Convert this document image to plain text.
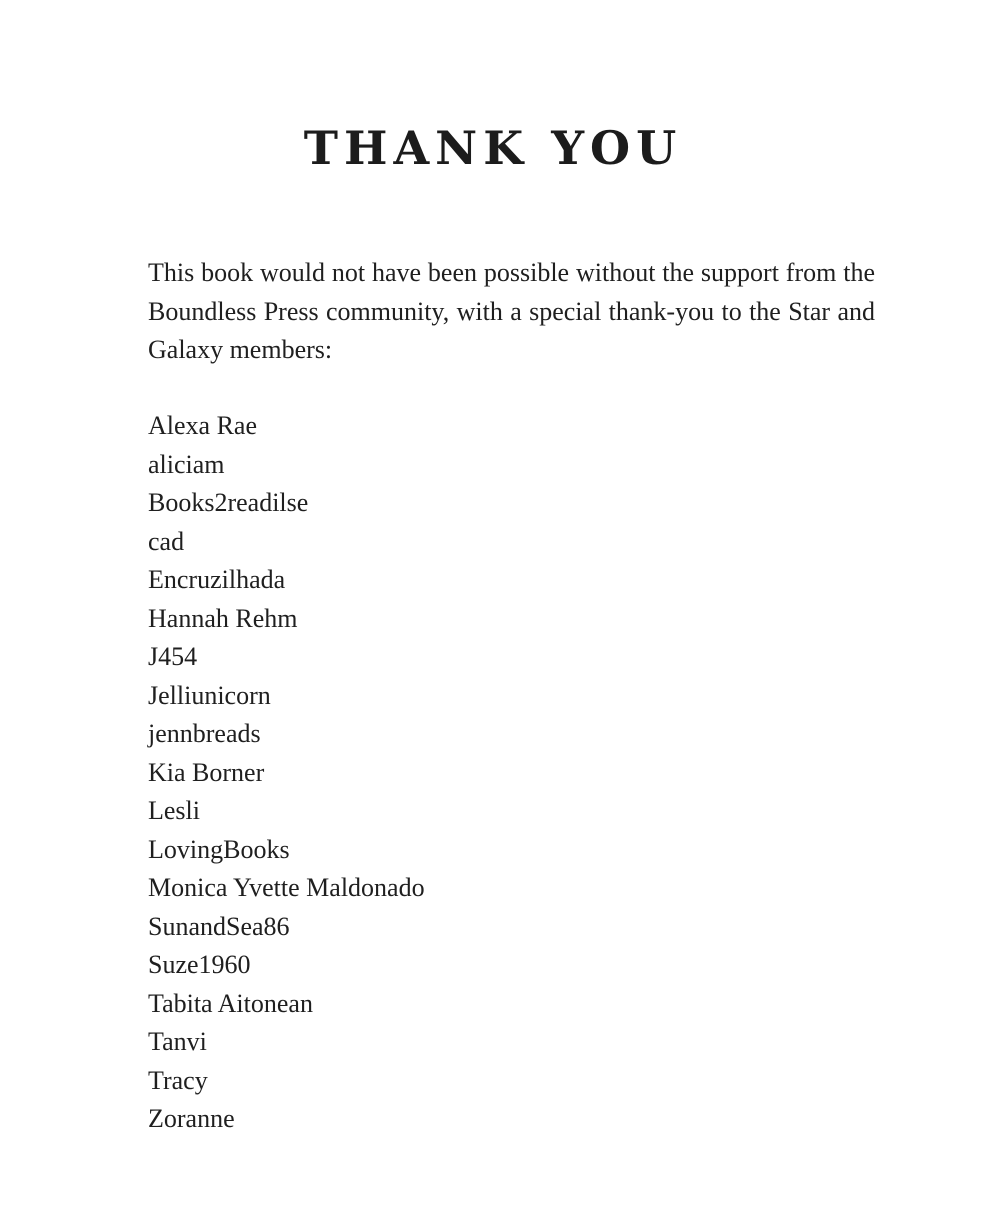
THANK YOU

This book would not have been possible without the support from the Boundless Press community, with a special thank-you to the Star and Galaxy members:

Alexa Rae
aliciam
Books2readilse
cad
Encruzilhada
Hannah Rehm
J454
Jelliunicorn
jennbreads
Kia Borner
Lesli
LovingBooks
Monica Yvette Maldonado
SunandSea86
Suze1960
Tabita Aitonean
Tanvi
Tracy
Zoranne
